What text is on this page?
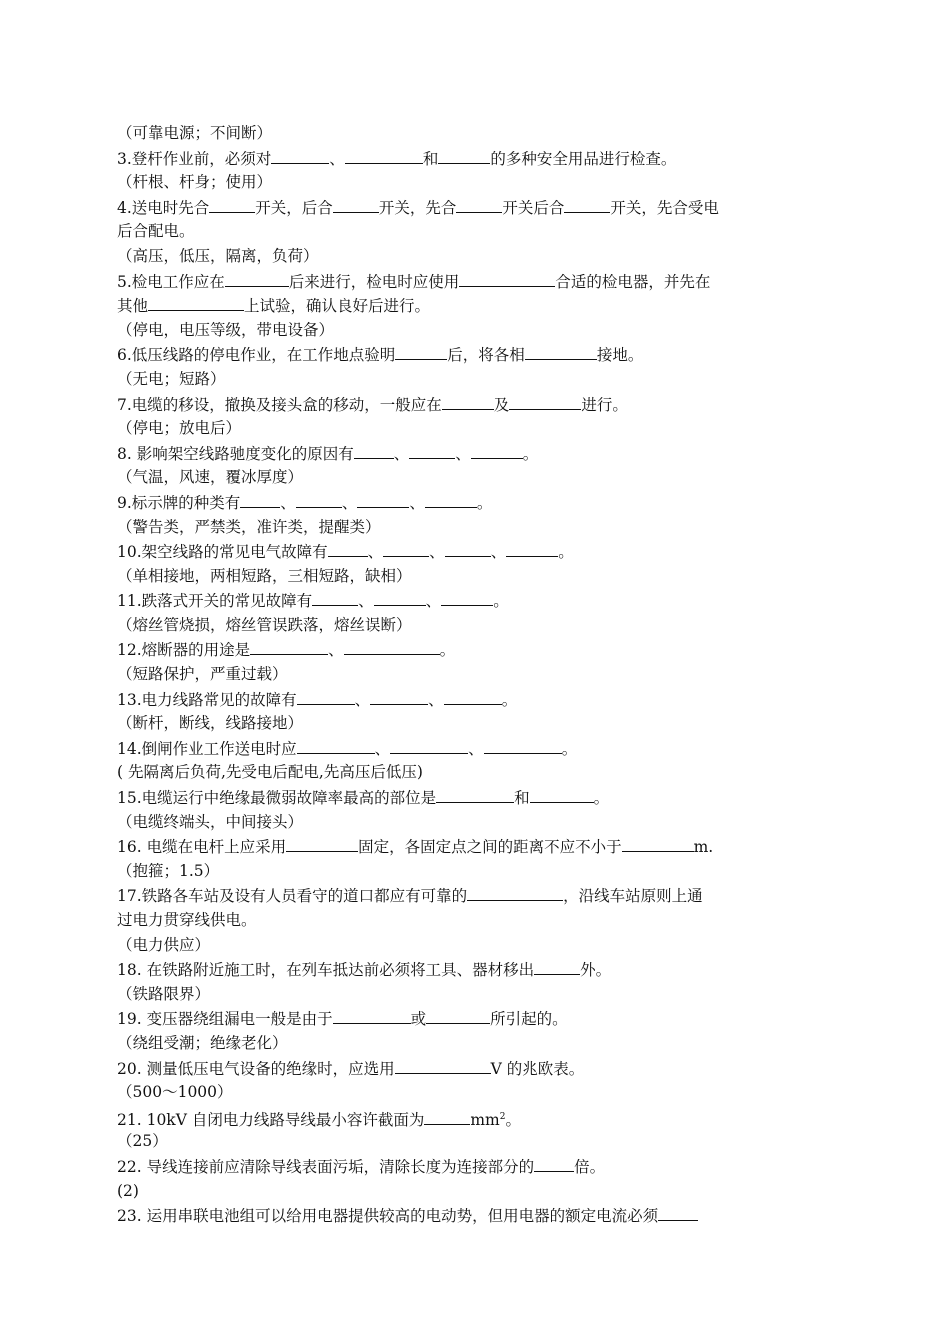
（可靠电源；不间断）
3.登杆作业前，必须对	、	和	的多种安全用品进行检查。
（杆根、杆身；使用）
4.送电时先合	开关，后合	开关，先合	开关后合	开关，先合受电
后合配电。
（高压，低压，隔离，负荷）
5.检电工作应在	后来进行，检电时应使用	合适的检电器，并先在
其他	上试验，确认良好后进行。
（停电，电压等级，带电设备）
6.低压线路的停电作业，在工作地点验明	后，将各相	接地。
（无电；短路）
7.电缆的移设，撤换及接头盒的移动，一般应在	及	进行。
（停电；放电后）
8. 影响架空线路驰度变化的原因有	、	、	。
（气温，风速，覆冰厚度）
9.标示牌的种类有	、	、	、	。
（警告类，严禁类，准许类，提醒类）
10.架空线路的常见电气故障有	、	、	、	。
（单相接地，两相短路，三相短路，缺相）
11.跌落式开关的常见故障有	、	、	。
（熔丝管烧损，熔丝管误跌落，熔丝误断）
12.熔断器的用途是	、	。
（短路保护，严重过载）
13.电力线路常见的故障有	、	、	。
（断杆，断线，线路接地）
14.倒闸作业工作送电时应	、	、	。
( 先隔离后负荷,先受电后配电,先高压后低压)
15.电缆运行中绝缘最微弱故障率最高的部位是	和	。
（电缆终端头，中间接头）
16. 电缆在电杆上应采用	固定，各固定点之间的距离不应不小于	m.
（抱箍；1.5）
17.铁路各车站及设有人员看守的道口都应有可靠的	，沿线车站原则上通
过电力贯穿线供电。
（电力供应）
18. 在铁路附近施工时，在列车抵达前必须将工具、器材移出	外。
（铁路限界）
19. 变压器绕组漏电一般是由于	或	所引起的。
（绕组受潮；绝缘老化）
20. 测量低压电气设备的绝缘时，应选用	V 的兆欧表。
（500～1000）
21. 10kV 自闭电力线路导线最小容许截面为	$mm^2$。
（25）
22. 导线连接前应清除导线表面污垢，清除长度为连接部分的	倍。
(2)
23. 运用串联电池组可以给用电器提供较高的电动势，但用电器的额定电流必须
